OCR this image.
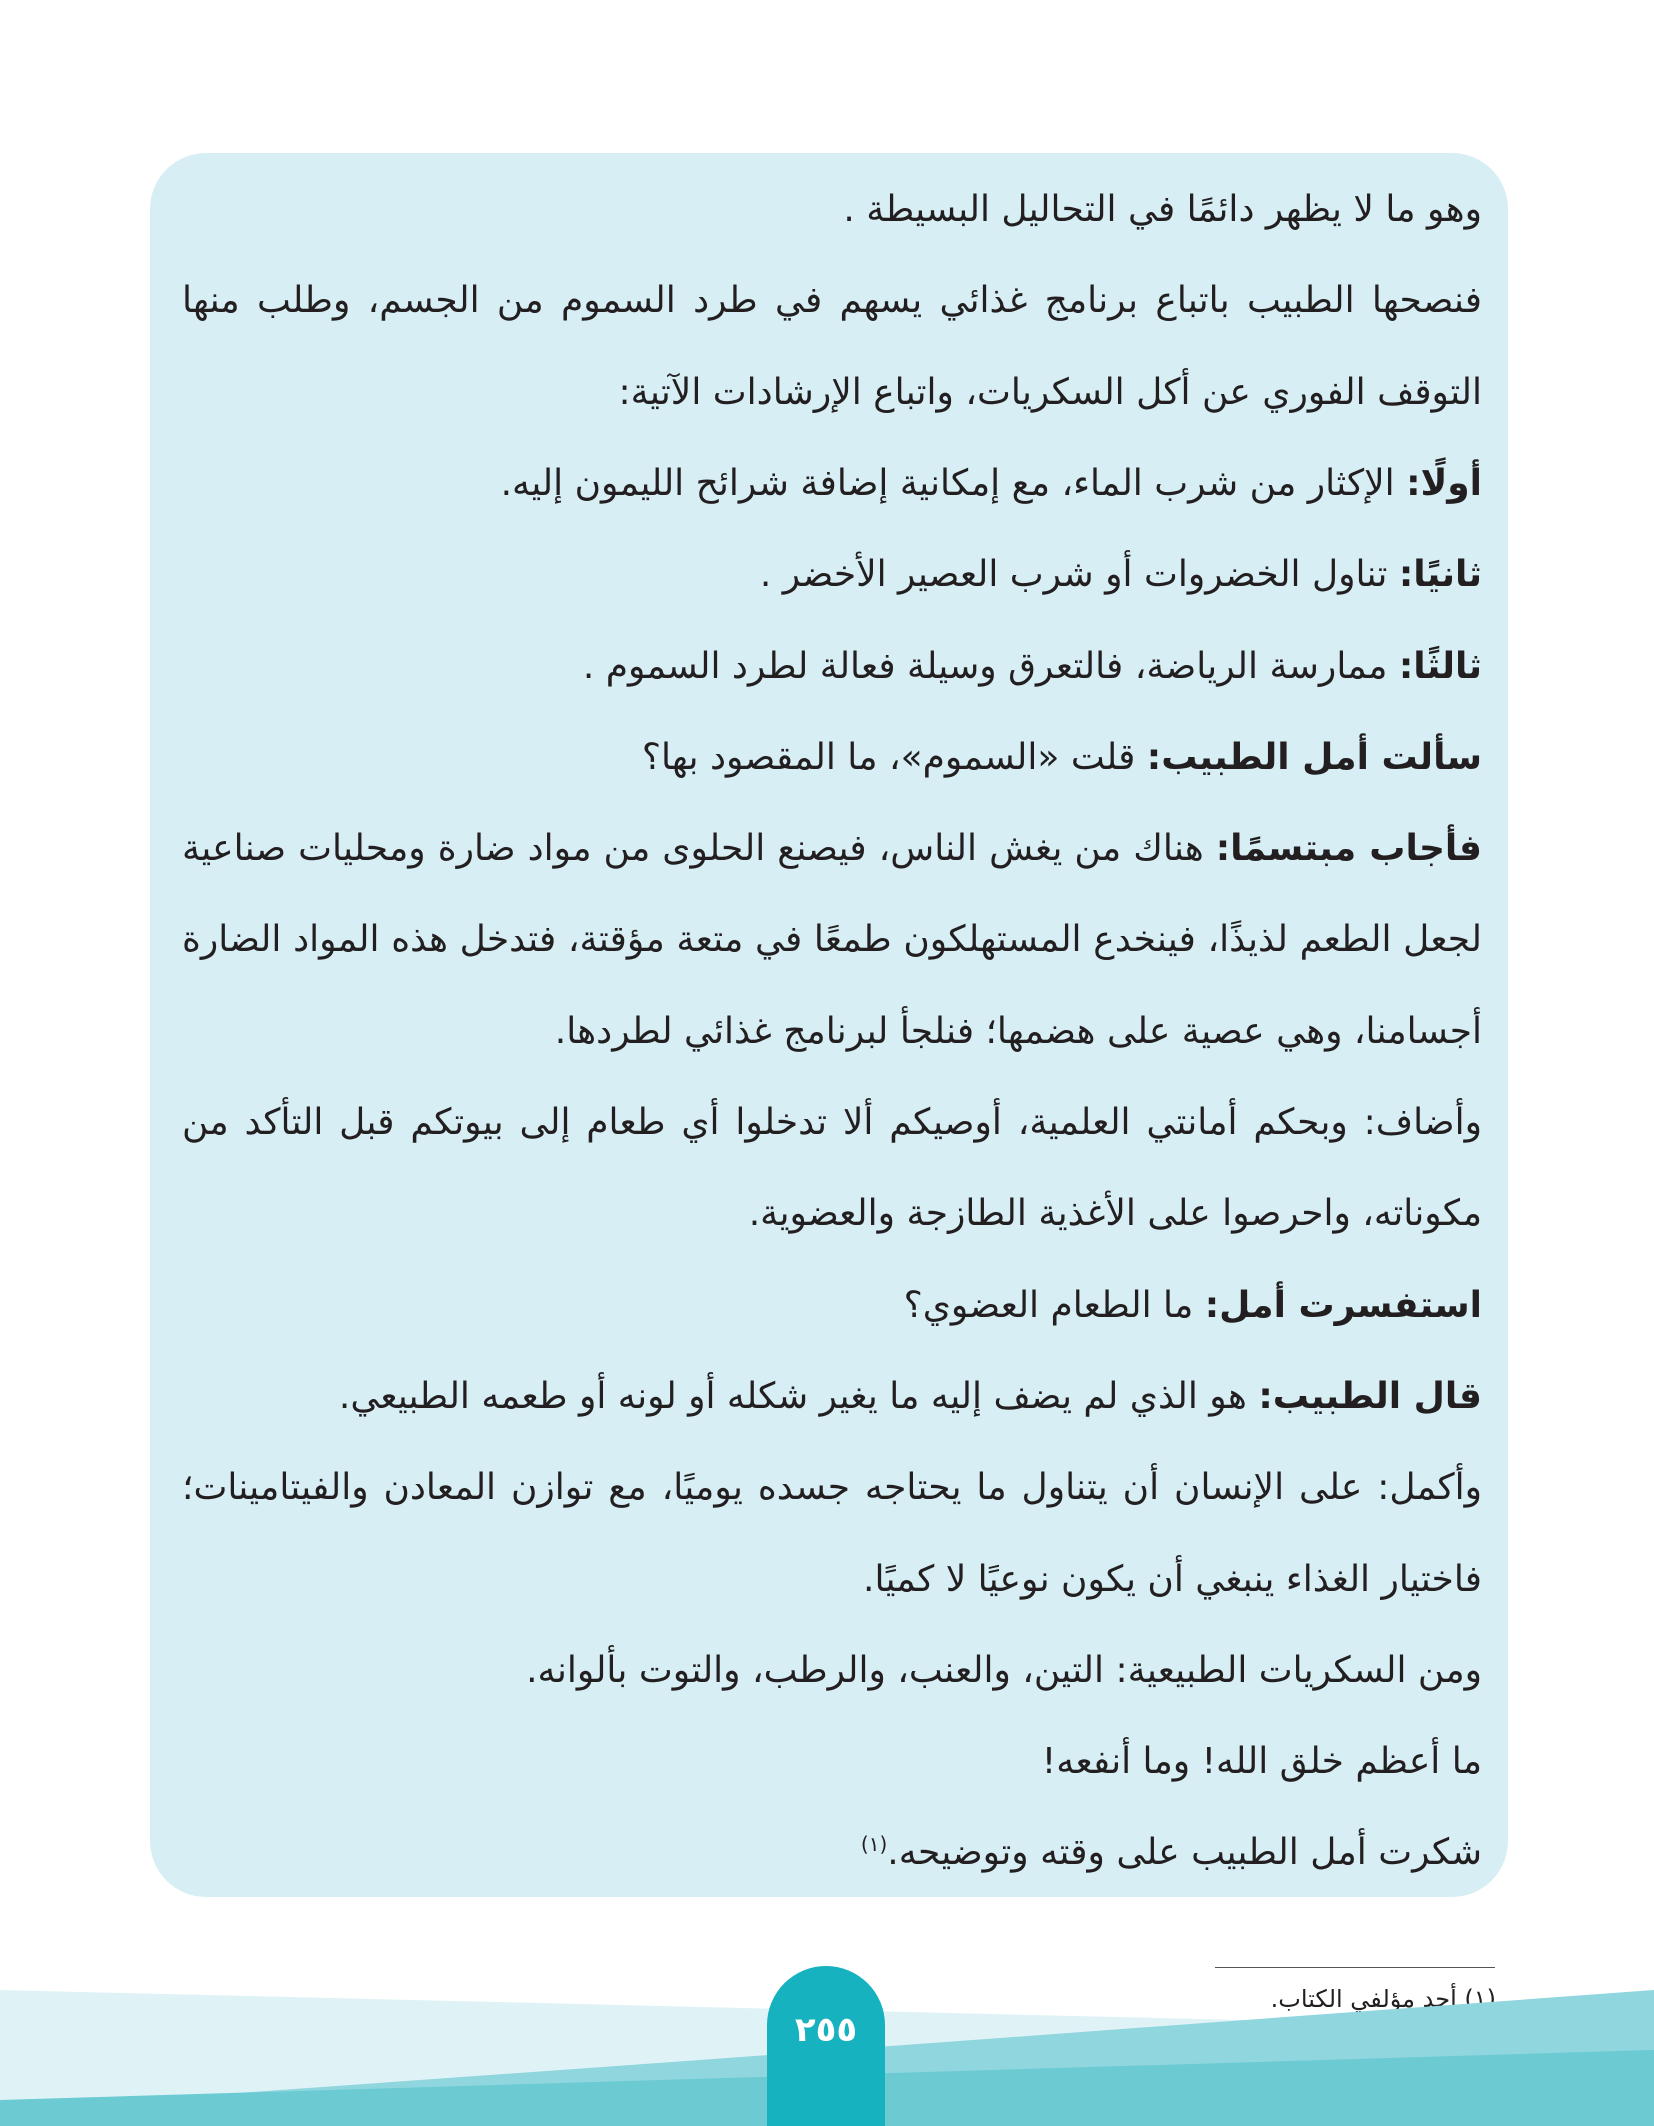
وهو ما لا يظهر دائمًا في التحاليل البسيطة .
فنصحها الطبيب باتباع برنامج غذائي يسهم في طرد السموم من الجسم، وطلب منها
التوقف الفوري عن أكل السكريات، واتباع الإرشادات الآتية:
أولًا: الإكثار من شرب الماء، مع إمكانية إضافة شرائح الليمون إليه.
ثانيًا: تناول الخضروات أو شرب العصير الأخضر .
ثالثًا: ممارسة الرياضة، فالتعرق وسيلة فعالة لطرد السموم .
سألت أمل الطبيب: قلت «السموم»، ما المقصود بها؟
فأجاب مبتسمًا: هناك من يغش الناس، فيصنع الحلوى من مواد ضارة ومحليات صناعية
لجعل الطعم لذيذًا، فينخدع المستهلكون طمعًا في متعة مؤقتة، فتدخل هذه المواد الضارة
أجسامنا، وهي عصية على هضمها؛ فنلجأ لبرنامج غذائي لطردها.
وأضاف: وبحكم أمانتي العلمية، أوصيكم ألا تدخلوا أي طعام إلى بيوتكم قبل التأكد من
مكوناته، واحرصوا على الأغذية الطازجة والعضوية.
استفسرت أمل: ما الطعام العضوي؟
قال الطبيب: هو الذي لم يضف إليه ما يغير شكله أو لونه أو طعمه الطبيعي.
وأكمل: على الإنسان أن يتناول ما يحتاجه جسده يوميًا، مع توازن المعادن والفيتامينات؛
فاختيار الغذاء ينبغي أن يكون نوعيًا لا كميًا.
ومن السكريات الطبيعية: التين، والعنب، والرطب، والتوت بألوانه.
ما أعظم خلق الله! وما أنفعه!
شكرت أمل الطبيب على وقته وتوضيحه.$^{(١)}$
(١) أحد مؤلفي الكتاب.
٢٥٥
